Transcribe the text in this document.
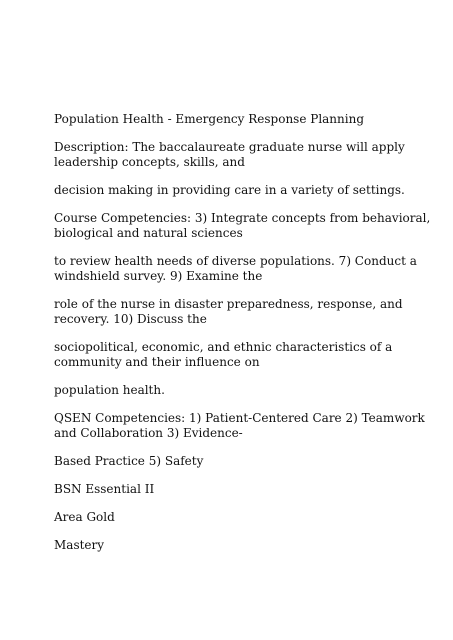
Population Health - Emergency Response Planning

Description: The baccalaureate graduate nurse will apply leadership concepts, skills, and

decision making in providing care in a variety of settings.

Course Competencies: 3) Integrate concepts from behavioral, biological and natural sciences

to review health needs of diverse populations. 7) Conduct a windshield survey. 9) Examine the

role of the nurse in disaster preparedness, response, and recovery. 10) Discuss the

sociopolitical, economic, and ethnic characteristics of a community and their influence on

population health.

QSEN Competencies: 1) Patient-Centered Care 2) Teamwork and Collaboration 3) Evidence-

Based Practice 5) Safety

BSN Essential II

Area Gold

Mastery
